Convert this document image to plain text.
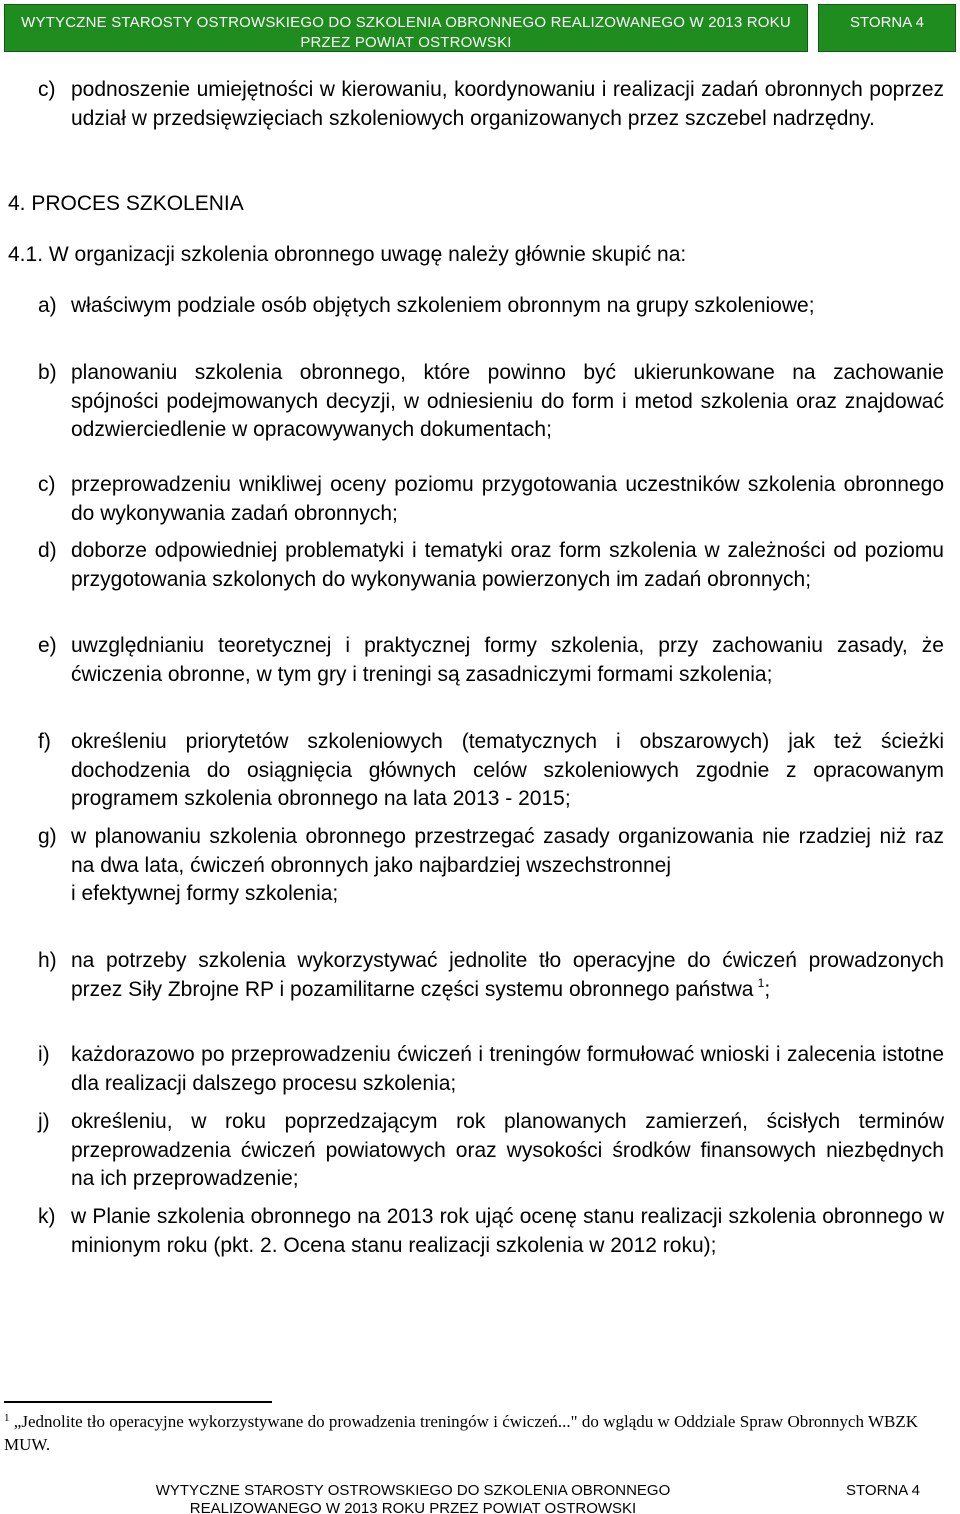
WYTYCZNE STAROSTY OSTROWSKIEGO DO SZKOLENIA OBRONNEGO REALIZOWANEGO W 2013 ROKU PRZEZ POWIAT OSTROWSKI
STORNA 4
c) podnoszenie umiejętności w kierowaniu, koordynowaniu i realizacji zadań obronnych poprzez udział w przedsięwzięciach szkoleniowych organizowanych przez szczebel nadrzędny.
4. PROCES SZKOLENIA
4.1. W organizacji szkolenia obronnego uwagę należy głównie skupić na:
a) właściwym podziale osób objętych szkoleniem obronnym na grupy szkoleniowe;
b) planowaniu szkolenia obronnego, które powinno być ukierunkowane na zachowanie spójności podejmowanych decyzji, w odniesieniu do form i metod szkolenia oraz znajdować odzwierciedlenie w opracowywanych dokumentach;
c) przeprowadzeniu wnikliwej oceny poziomu przygotowania uczestników szkolenia obronnego do wykonywania zadań obronnych;
d) doborze odpowiedniej problematyki i tematyki oraz form szkolenia w zależności od poziomu przygotowania szkolonych do wykonywania powierzonych im zadań obronnych;
e) uwzględnianiu teoretycznej i praktycznej formy szkolenia, przy zachowaniu zasady, że ćwiczenia obronne, w tym gry i treningi są zasadniczymi formami szkolenia;
f) określeniu priorytetów szkoleniowych (tematycznych i obszarowych) jak też ścieżki dochodzenia do osiągnięcia głównych celów szkoleniowych zgodnie z opracowanym programem szkolenia obronnego na lata 2013 - 2015;
g) w planowaniu szkolenia obronnego przestrzegać zasady organizowania nie rzadziej niż raz na dwa lata, ćwiczeń obronnych jako najbardziej wszechstronnej

i efektywnej formy szkolenia;

h) na potrzeby szkolenia wykorzystywać jednolite tło operacyjne do ćwiczeń prowadzonych przez Siły Zbrojne RP i pozamilitarne części systemu obronnego państwa  $^1$;
i) każdorazowo po przeprowadzeniu ćwiczeń i treningów formułować wnioski i zalecenia istotne dla realizacji dalszego procesu szkolenia;
j) określeniu, w roku poprzedzającym rok planowanych zamierzeń, ścisłych terminów przeprowadzenia ćwiczeń powiatowych oraz wysokości środków finansowych niezbędnych na ich przeprowadzenie;
k) w Planie szkolenia obronnego na 2013 rok ująć ocenę stanu realizacji szkolenia obronnego w minionym roku (pkt. 2. Ocena stanu realizacji szkolenia w 2012 roku);
$^1$ „Jednolite tło operacyjne wykorzystywane do prowadzenia treningów i ćwiczeń..." do wglądu w Oddziale Spraw Obronnych WBZK MUW.
WYTYCZNE STAROSTY OSTROWSKIEGO DO SZKOLENIA OBRONNEGO REALIZOWANEGO W 2013 ROKU PRZEZ POWIAT OSTROWSKI
STORNA 4
